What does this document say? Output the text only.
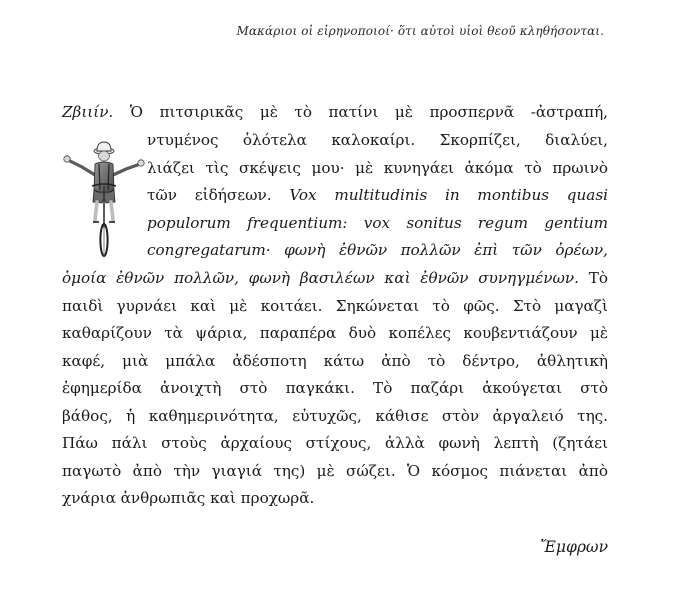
Μακάριοι οἱ εἰρηνοποιοί· ὅτι αὐτοὶ υἱοὶ θεοῦ κληθήσονται.
Ζβιιίν. Ὁ πιτσιρικᾶς μὲ τὸ πατίνι μὲ προσπερνᾶ -ἀστραπή,
ντυμένος ὁλότελα καλοκαίρι. Σκορπίζει, διαλύει,
λιάζει τὶς σκέψεις μου· μὲ κυνηγάει ἀκόμα τὸ πρωινὸ
τῶν εἰδήσεων. Vox multitudinis in montibus quasi
populorum frequentium: vox sonitus regum gentium
congregatarum· φωνὴ ἐθνῶν πολλῶν ἐπὶ τῶν ὀρέων,
ὁμοία ἐθνῶν πολλῶν, φωνὴ βασιλέων καὶ ἐθνῶν συνηγμένων. Τὸ
παιδὶ γυρνάει καὶ μὲ κοιτάει. Σηκώνεται τὸ φῶς. Στὸ μαγαζὶ
καθαρίζουν τὰ ψάρια, παραπέρα δυὸ κοπέλες κουβεντιάζουν μὲ
καφέ, μιὰ μπάλα ἀδέσποτη κάτω ἀπὸ τὸ δέντρο, ἀθλητικὴ
ἐφημερίδα ἀνοιχτὴ στὸ παγκάκι. Τὸ παζάρι ἀκούγεται στὸ
βάθος, ἡ καθημερινότητα, εὐτυχῶς, κάθισε στὸν ἀργαλειό της.
Πάω πάλι στοὺς ἀρχαίους στίχους, ἀλλὰ φωνὴ λεπτὴ (ζητάει
παγωτὸ ἀπὸ τὴν γιαγιά της) μὲ σώζει. Ὁ κόσμος πιάνεται ἀπὸ
χνάρια ἀνθρωπιᾶς καὶ προχωρᾶ.
Ἔμφρων
